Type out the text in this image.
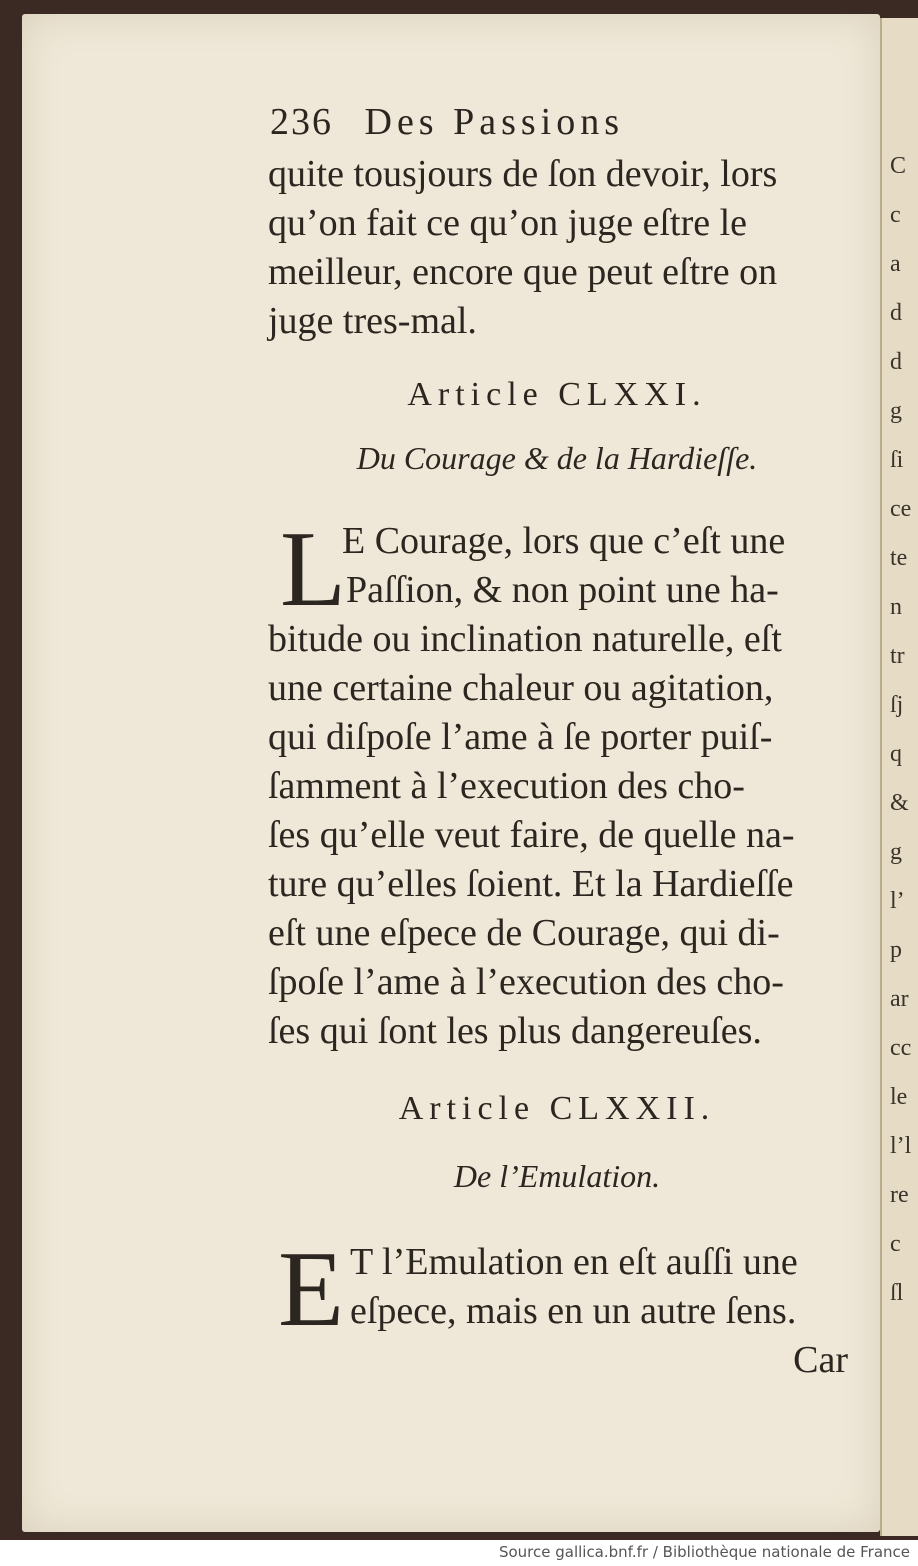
C
c
a
d
d
g
ſi
ce
te
n
tr
ſj
q
&
g
l’
p
ar
cc
le
l’l
re
c
ſl
236 Des Passions
quite tousjours de ſon devoir, lors
qu’on fait ce qu’on juge eſtre le
meilleur, encore que peut eſtre on
juge tres-mal.
Article CLXXI.
Du Courage & de la Hardieſſe.
L
E Courage, lors que c’eſt une
Paſſion, & non point une ha-
bitude ou inclination naturelle, eſt
une certaine chaleur ou agitation,
qui diſpoſe l’ame à ſe porter puiſ-
ſamment à l’execution des cho-
ſes qu’elle veut faire, de quelle na-
ture qu’elles ſoient. Et la Hardieſſe
eſt une eſpece de Courage, qui di-
ſpoſe l’ame à l’execution des cho-
ſes qui ſont les plus dangereuſes.
Article CLXXII.
De l’Emulation.
E T l’Emulation en eſt auſſi une
eſpece, mais en un autre ſens.
Car
Source gallica.bnf.fr / Bibliothèque nationale de France
